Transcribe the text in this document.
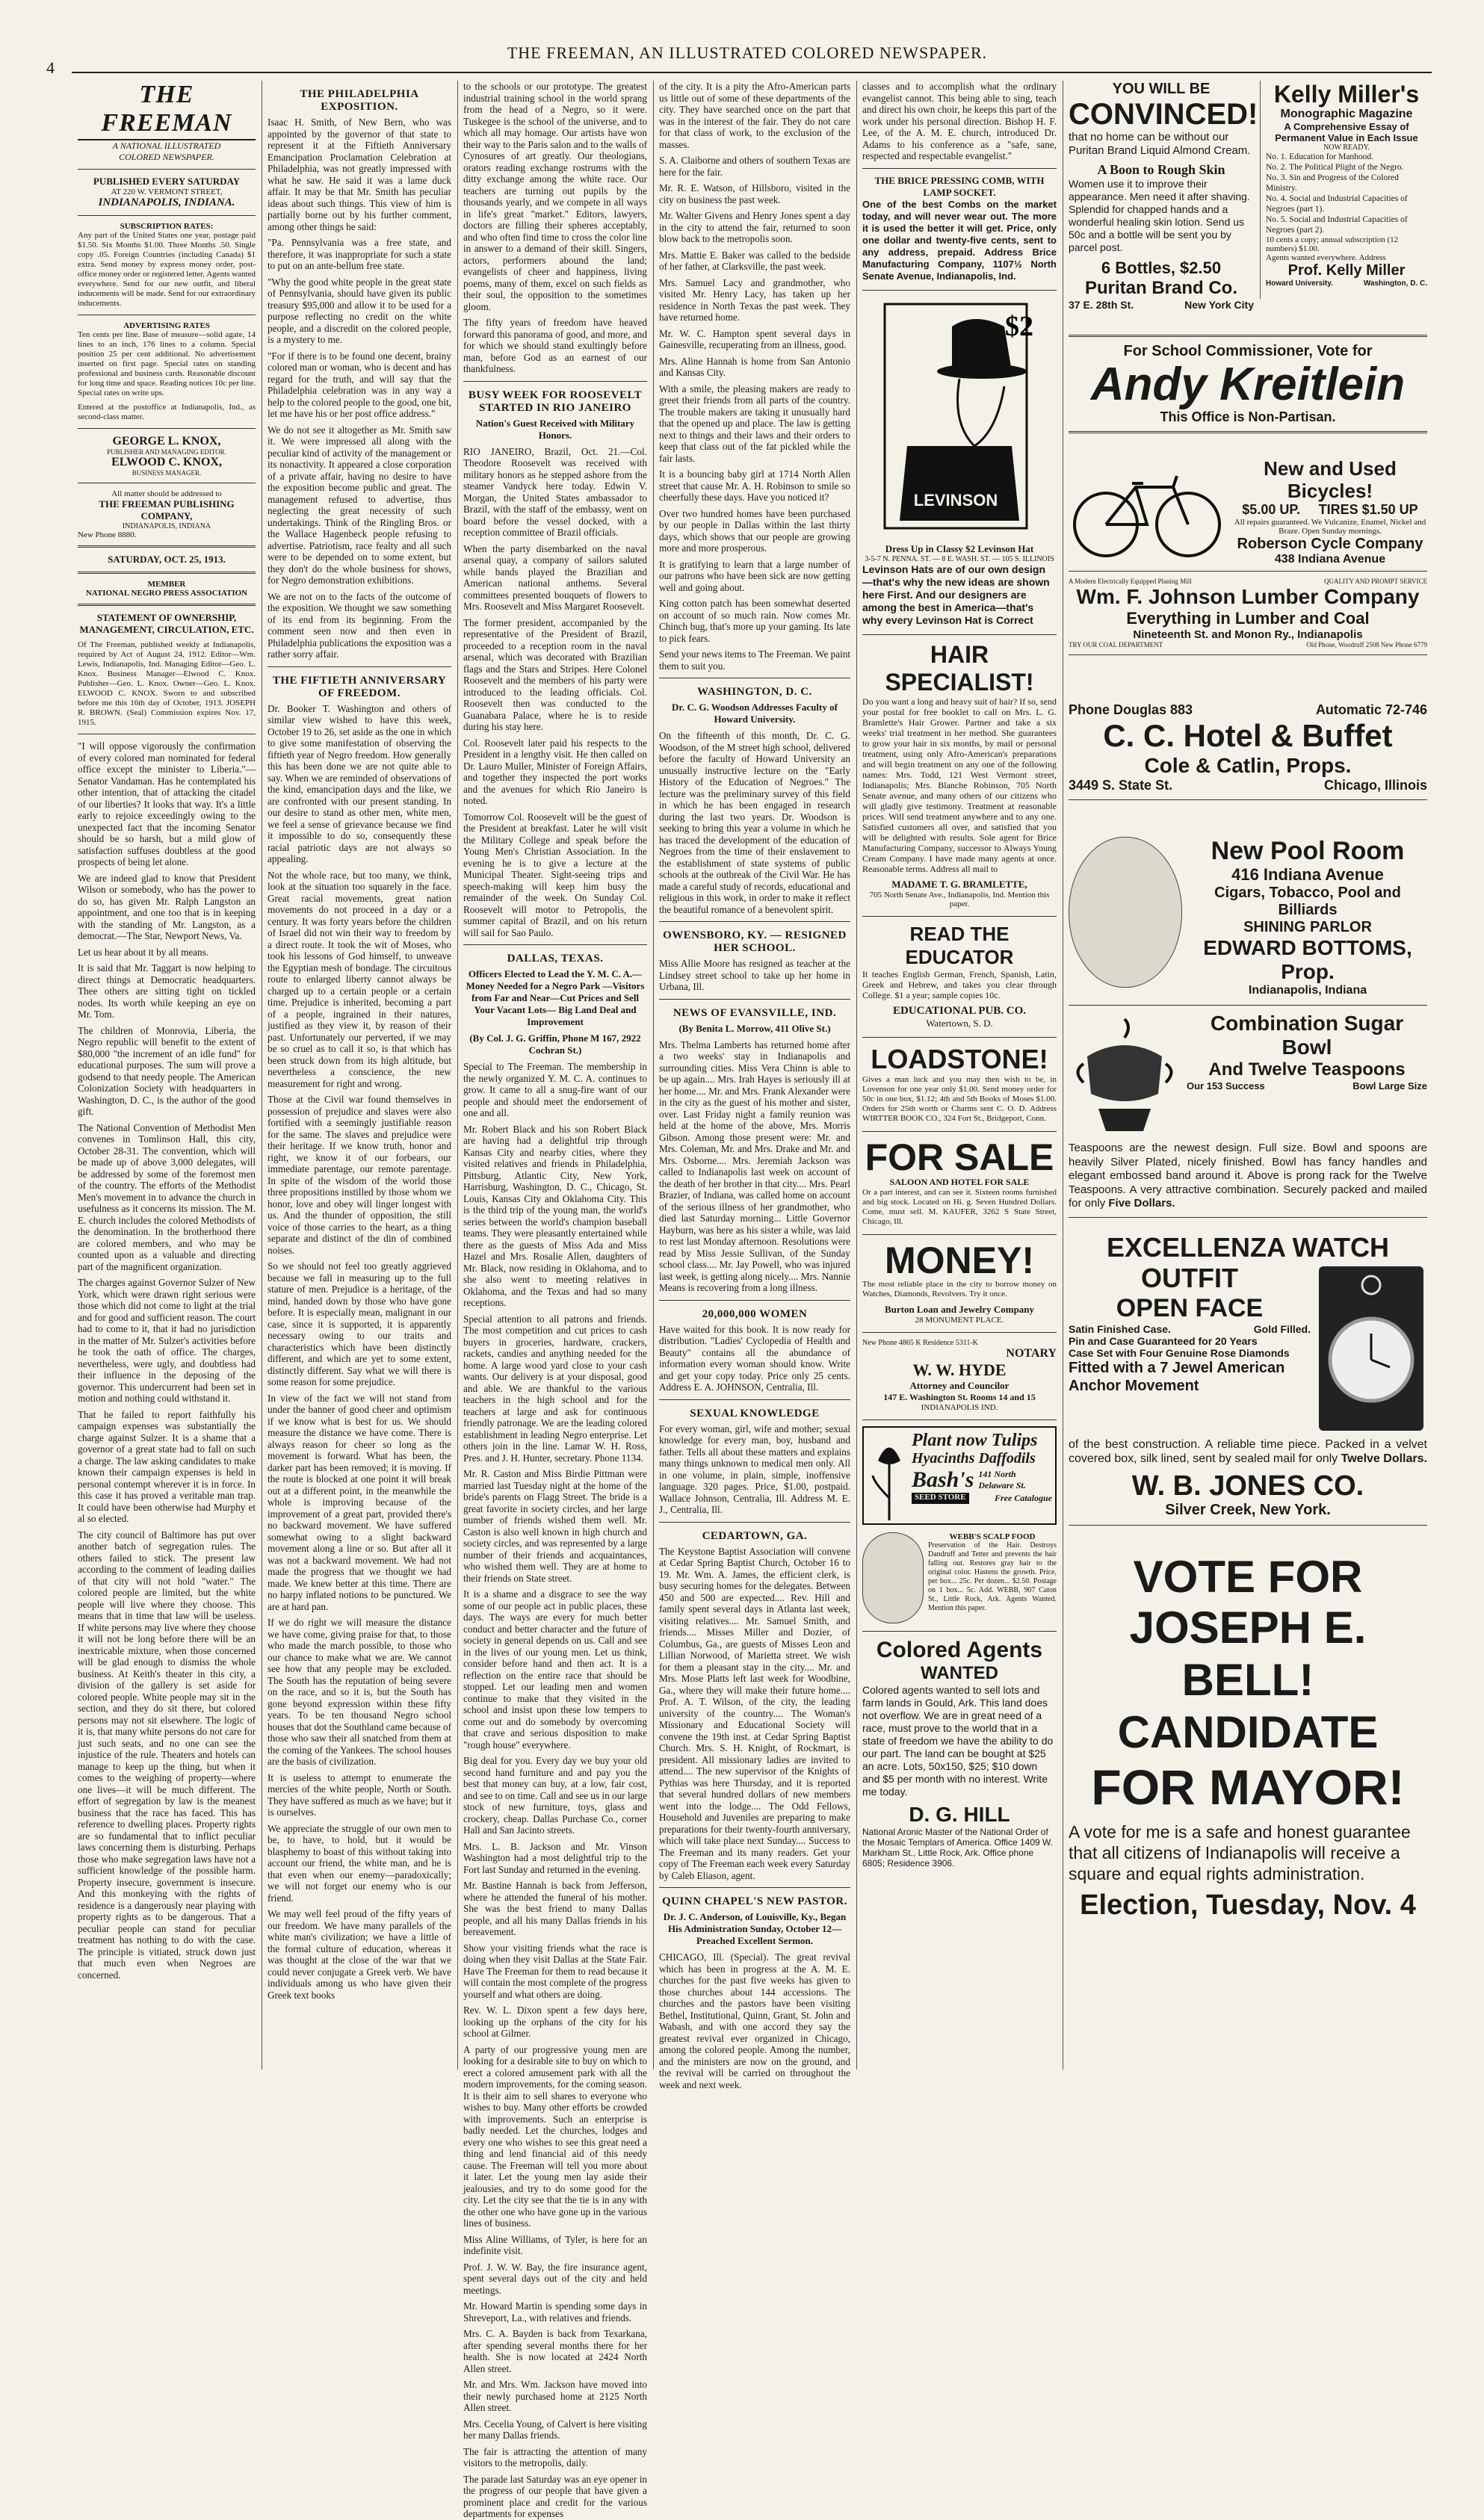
4
THE FREEMAN, AN ILLUSTRATED COLORED NEWSPAPER.
THE FREEMAN
A NATIONAL ILLUSTRATED
COLORED NEWSPAPER.
PUBLISHED EVERY SATURDAY
AT 220 W. VERMONT STREET,
INDIANAPOLIS, INDIANA.
SUBSCRIPTION RATES:

Any part of the United States one year, postage paid $1.50. Six Months $1.00. Three Months .50. Single copy .05. Foreign Countries (including Canada) $1 extra. Send money by express money order, post-office money order or registered letter. Agents wanted everywhere. Send for our new outfit, and liberal inducements will be made. Send for our extraordinary inducements.

ADVERTISING RATES

Ten cents per line. Base of measure—solid agate, 14 lines to an inch, 176 lines to a column. Special position 25 per cent additional. No advertisement inserted on first page. Special rates on standing professional and business cards. Reasonable discount for long time and space. Reading notices 10c per line. Special rates on write ups.

Entered at the postoffice at Indianapolis, Ind., as second-class matter.

GEORGE L. KNOX,
PUBLISHER AND MANAGING EDITOR.
ELWOOD C. KNOX,
BUSINESS MANAGER.
All matter should be addressed to
THE FREEMAN PUBLISHING COMPANY,
INDIANAPOLIS, INDIANA
New Phone 8880.
SATURDAY, OCT. 25, 1913.
MEMBER
NATIONAL NEGRO PRESS ASSOCIATION
STATEMENT OF OWNERSHIP, MANAGEMENT, CIRCULATION, ETC.

Of The Freeman, published weekly at Indianapolis, required by Act of August 24, 1912. Editor—Wm. Lewis, Indianapolis, Ind. Managing Editor—Geo. L. Knox. Business Manager—Elwood C. Knox. Publisher—Geo. L. Knox. Owner—Geo. L. Knox. ELWOOD C. KNOX. Sworn to and subscribed before me this 16th day of October, 1913. JOSEPH R. BROWN. (Seal) Commission expires Nov. 17, 1915.

"I will oppose vigorously the confirmation of every colored man nominated for federal office except the minister to Liberia."—Senator Vandaman. Has he contemplated his other intention, that of attacking the citadel of our liberties? It looks that way. It's a little early to rejoice exceedingly owing to the unexpected fact that the incoming Senator should be so harsh, but a mild glow of satisfaction suffuses doubtless at the good prospects of being let alone.

We are indeed glad to know that President Wilson or somebody, who has the power to do so, has given Mr. Ralph Langston an appointment, and one too that is in keeping with the standing of Mr. Langston, as a democrat.—The Star, Newport News, Va.

Let us hear about it by all means.

It is said that Mr. Taggart is now helping to direct things at Democratic headquarters. Thee others are sitting tight on tickled nodes. Its worth while keeping an eye on Mr. Tom.

The children of Monrovia, Liberia, the Negro republic will benefit to the extent of $80,000 "the increment of an idle fund" for educational purposes. The sum will prove a godsend to that needy people. The American Colonization Society with headquarters in Washington, D. C., is the author of the good gift.

The National Convention of Methodist Men convenes in Tomlinson Hall, this city, October 28-31. The convention, which will be made up of above 3,000 delegates, will be addressed by some of the foremost men of the country. The efforts of the Methodist Men's movement in to advance the church in usefulness as it concerns its mission. The M. E. church includes the colored Methodists of the denomination. In the brotherhood there are colored members, and who may be counted upon as a valuable and directing part of the magnificent organization.

The charges against Governor Sulzer of New York, which were drawn right serious were those which did not come to light at the trial and for good and sufficient reason. The court had to come to it, that it had no jurisdiction in the matter of Mr. Sulzer's activities before he took the oath of office. The charges, nevertheless, were ugly, and doubtless had their influence in the deposing of the governor. This undercurrent had been set in motion and nothing could withstand it.

That he failed to report faithfully his campaign expenses was substantially the charge against Sulzer. It is a shame that a governor of a great state had to fall on such a charge. The law asking candidates to make known their campaign expenses is held in personal contempt wherever it is in force. In this case it has proved a veritable man trap. It could have been otherwise had Murphy et al so elected.

The city council of Baltimore has put over another batch of segregation rules. The others failed to stick. The present law according to the comment of leading dailies of that city will not hold "water." The colored people are limited, but the white people will live where they choose. This means that in time that law will be useless. If white persons may live where they choose it will not be long before there will be an inextricable mixture, when those concerned will be glad enough to dismiss the whole business. At Keith's theater in this city, a division of the gallery is set aside for colored people. White people may sit in the section, and they do sit there, but colored persons may not sit elsewhere. The logic of it is, that many white persons do not care for just such seats, and no one can see the injustice of the rule. Theaters and hotels can manage to keep up the thing, but when it comes to the weighing of property—where one lives—it will be much different. The effort of segregation by law is the meanest business that the race has faced. This has reference to dwelling places. Property rights are so fundamental that to inflict peculiar laws concerning them is disturbing. Perhaps those who make segregation laws have not a sufficient knowledge of the possible harm. Property insecure, government is insecure. And this monkeying with the rights of residence is a dangerously near playing with property rights as to be dangerous. That a peculiar people can stand for peculiar treatment has nothing to do with the case. The principle is vitiated, struck down just that much even when Negroes are concerned.

THE PHILADELPHIA EXPOSITION.

Isaac H. Smith, of New Bern, who was appointed by the governor of that state to represent it at the Fiftieth Anniversary Emancipation Proclamation Celebration at Philadelphia, was not greatly impressed with what he saw. He said it was a lame duck affair. It may be that Mr. Smith has peculiar ideas about such things. This view of him is partially borne out by his further comment, among other things he said:

"Pa. Pennsylvania was a free state, and therefore, it was inappropriate for such a state to put on an ante-bellum free state.

"Why the good white people in the great state of Pennsylvania, should have given its public treasury $95,000 and allow it to be used for a purpose reflecting no credit on the white people, and a discredit on the colored people, is a mystery to me.

"For if there is to be found one decent, brainy colored man or woman, who is decent and has regard for the truth, and will say that the Philadelphia celebration was in any way a help to the colored people to the good, one bit, let me have his or her post office address."

We do not see it altogether as Mr. Smith saw it. We were impressed all along with the peculiar kind of activity of the management or its nonactivity. It appeared a close corporation of a private affair, having no desire to have the exposition become public and great. The management refused to advertise, thus neglecting the great necessity of such undertakings. Think of the Ringling Bros. or the Wallace Hagenbeck people refusing to advertise. Patriotism, race fealty and all such were to be depended on to some extent, but they don't do the whole business for shows, for Negro demonstration exhibitions.

We are not on to the facts of the outcome of the exposition. We thought we saw something of its end from its beginning. From the comment seen now and then even in Philadelphia publications the exposition was a rather sorry affair.

THE FIFTIETH ANNIVERSARY OF FREEDOM.

Dr. Booker T. Washington and others of similar view wished to have this week, October 19 to 26, set aside as the one in which to give some manifestation of observing the fiftieth year of Negro freedom. How generally this has been done we are not quite able to say. When we are reminded of observations of the kind, emancipation days and the like, we are confronted with our present standing. In our desire to stand as other men, white men, we feel a sense of grievance because we find it impossible to do so, consequently these racial patriotic days are not always so appealing.

Not the whole race, but too many, we think, look at the situation too squarely in the face. Great racial movements, great nation movements do not proceed in a day or a century. It was forty years before the children of Israel did not win their way to freedom by a direct route. It took the wit of Moses, who took his lessons of God himself, to unweave the Egyptian mesh of bondage. The circuitous route to enlarged liberty cannot always be charged up to a certain people or a certain time. Prejudice is inherited, becoming a part of a people, ingrained in their natures, justified as they view it, by reason of their past. Unfortunately our perverted, if we may be so cruel as to call it so, is that which has been struck down from its high altitude, but nevertheless a conscience, the new measurement for right and wrong.

Those at the Civil war found themselves in possession of prejudice and slaves were also fortified with a seemingly justifiable reason for the same. The slaves and prejudice were their heritage. If we know truth, honor and right, we know it of our forbears, our immediate parentage, our remote parentage. In spite of the wisdom of the world those three propositions instilled by those whom we honor, love and obey will linger longest with us. And the thunder of opposition, the still voice of those carries to the heart, as a thing separate and distinct of the din of combined noises.

So we should not feel too greatly aggrieved because we fall in measuring up to the full stature of men. Prejudice is a heritage, of the mind, handed down by those who have gone before. It is especially mean, malignant in our case, since it is supported, it is apparently necessary owing to our traits and characteristics which have been distinctly different, and which are yet to some extent, distinctly different. Say what we will there is some reason for some prejudice.

In view of the fact we will not stand from under the banner of good cheer and optimism if we know what is best for us. We should measure the distance we have come. There is always reason for cheer so long as the movement is forward. What has been, the darker part has been removed; it is moving. If the route is blocked at one point it will break out at a different point, in the meanwhile the whole is improving because of the improvement of a great part, provided there's no backward movement. We have suffered somewhat owing to a slight backward movement along a line or so. But after all it was not a backward movement. We had not made the progress that we thought we had made. We knew better at this time. There are no harpy inflated notions to be punctured. We are at hard pan.

If we do right we will measure the distance we have come, giving praise for that, to those who made the march possible, to those who our chance to make what we are. We cannot see how that any people may be excluded. The South has the reputation of being severe on the race, and so it is, but the South has gone beyond expression within these fifty years. To be ten thousand Negro school houses that dot the Southland came because of those who saw their all snatched from them at the coming of the Yankees. The school houses are the basis of civilization.

It is useless to attempt to enumerate the mercies of the white people, North or South. They have suffered as much as we have; but it is ourselves.

We appreciate the struggle of our own men to be, to have, to hold, but it would be blasphemy to boast of this without taking into account our friend, the white man, and he is that even when our enemy—paradoxically; we will not forget our enemy who is our friend.

We may well feel proud of the fifty years of our freedom. We have many parallels of the white man's civilization; we have a little of the formal culture of education, whereas it was thought at the close of the war that we could never conjugate a Greek verb. We have individuals among us who have given their Greek text books

to the schools or our prototype. The greatest industrial training school in the world sprang from the head of a Negro, so it were. Tuskegee is the school of the universe, and to which all may homage. Our artists have won their way to the Paris salon and to the walls of Cynosures of art greatly. Our theologians, orators reading exchange rostrums with the ditty exchange among the white race. Our teachers are turning out pupils by the thousands yearly, and we compete in all ways in life's great "market." Editors, lawyers, doctors are filling their spheres acceptably, and who often find time to cross the color line in answer to a demand of their skill. Singers, actors, performers abound the land; evangelists of cheer and happiness, living poems, many of them, excel on such fields as their soul, the opposition to the sometimes gloom.

The fifty years of freedom have heaved forward this panorama of good, and more, and for which we should stand exultingly before man, before God as an earnest of our thankfulness.

BUSY WEEK FOR ROOSEVELT STARTED IN RIO JANEIRO
Nation's Guest Received with Military Honors.

RIO JANEIRO, Brazil, Oct. 21.—Col. Theodore Roosevelt was received with military honors as he stepped ashore from the steamer Vandyck here today. Edwin V. Morgan, the United States ambassador to Brazil, with the staff of the embassy, went on board before the vessel docked, with a reception committee of Brazil officials.

When the party disembarked on the naval arsenal quay, a company of sailors saluted while bands played the Brazilian and American national anthems. Several committees presented bouquets of flowers to Mrs. Roosevelt and Miss Margaret Roosevelt.

The former president, accompanied by the representative of the President of Brazil, proceeded to a reception room in the naval arsenal, which was decorated with Brazilian flags and the Stars and Stripes. Here Colonel Roosevelt and the members of his party were introduced to the leading officials. Col. Roosevelt then was conducted to the Guanabara Palace, where he is to reside during his stay here.

Col. Roosevelt later paid his respects to the President in a lengthy visit. He then called on Dr. Lauro Muller, Minister of Foreign Affairs, and together they inspected the port works and the avenues for which Rio Janeiro is noted.

Tomorrow Col. Roosevelt will be the guest of the President at breakfast. Later he will visit the Military College and speak before the Young Men's Christian Association. In the evening he is to give a lecture at the Municipal Theater. Sight-seeing trips and speech-making will keep him busy the remainder of the week. On Sunday Col. Roosevelt will motor to Petropolis, the summer capital of Brazil, and on his return will sail for Sao Paulo.

DALLAS, TEXAS.
Officers Elected to Lead the Y. M. C. A.—Money Needed for a Negro Park —Visitors from Far and Near—Cut Prices and Sell Your Vacant Lots— Big Land Deal and Improvement
(By Col. J. G. Griffin, Phone M 167, 2922 Cochran St.)

Special to The Freeman. The membership in the newly organized Y. M. C. A. continues to grow. It came to all a snug-fire want of our people and should meet the endorsement of one and all.

Mr. Robert Black and his son Robert Black are having had a delightful trip through Kansas City and nearby cities, where they visited relatives and friends in Philadelphia, Pittsburg, Atlantic City, New York, Harrisburg, Washington, D. C., Chicago, St. Louis, Kansas City and Oklahoma City. This is the third trip of the young man, the world's series between the world's champion baseball teams. They were pleasantly entertained while there as the guests of Miss Ada and Miss Hazel and Mrs. Rosalie Allen, daughters of Mr. Black, now residing in Oklahoma, and to she also went to meeting relatives in Oklahoma, and the Texas and had so many receptions.

Special attention to all patrons and friends. The most competition and cut prices to cash buyers in groceries, hardware, crackers, rackets, candies and anything needed for the home. A large wood yard close to your cash wants. Our delivery is at your disposal, good and able. We are thankful to the various teachers in the high school and for the teachers at large and ask for continuous friendly patronage. We are the leading colored establishment in leading Negro enterprise. Let others join in the line. Lamar W. H. Ross, Pres. and J. H. Hunter, secretary. Phone 1134.

Mr. R. Caston and Miss Birdie Pittman were married last Tuesday night at the home of the bride's parents on Flagg Street. The bride is a great favorite in society circles, and her large number of friends wished them well. Mr. Caston is also well known in high church and society circles, and was represented by a large number of their friends and acquaintances, who wished them well. They are at home to their friends on State street.

It is a shame and a disgrace to see the way some of our people act in public places, these days. The ways are every for much better conduct and better character and the future of society in general depends on us. Call and see in the lives of our young men. Let us think, consider before hand and then act. It is a reflection on the entire race that should be stopped. Let our leading men and women continue to make that they visited in the school and insist upon these low tempers to come out and do somebody by overcoming that crave and serious disposition to make "rough house" everywhere.

Big deal for you. Every day we buy your old second hand furniture and and pay you the best that money can buy, at a low, fair cost, and see to on time. Call and see us in our large stock of new furniture, toys, glass and crockery, cheap. Dallas Purchase Co., corner Hall and San Jacinto streets.

Mrs. L. B. Jackson and Mr. Vinson Washington had a most delightful trip to the Fort last Sunday and returned in the evening.

Mr. Bastine Hannah is back from Jefferson, where he attended the funeral of his mother. She was the best friend to many Dallas people, and all his many Dallas friends in his bereavement.

Show your visiting friends what the race is doing when they visit Dallas at the State Fair. Have The Freeman for them to read because it will contain the most complete of the progress yourself and what others are doing.

Rev. W. L. Dixon spent a few days here, looking up the orphans of the city for his school at Gilmer.

A party of our progressive young men are looking for a desirable site to buy on which to erect a colored amusement park with all the modern improvements, for the coming season. It is their aim to sell shares to everyone who wishes to buy. Many other efforts be crowded with improvements. Such an enterprise is badly needed. Let the churches, lodges and every one who wishes to see this great need a thing and lend financial aid of this needy cause. The Freeman will tell you more about it later. Let the young men lay aside their jealousies, and try to do some good for the city. Let the city see that the tie is in any with the other one who have gone up in the various lines of business.

Miss Aline Williams, of Tyler, is here for an indefinite visit.

Prof. J. W. W. Bay, the fire insurance agent, spent several days out of the city and held meetings.

Mr. Howard Martin is spending some days in Shreveport, La., with relatives and friends.

Mrs. C. A. Bayden is back from Texarkana, after spending several months there for her health. She is now located at 2424 North Allen street.

Mr. and Mrs. Wm. Jackson have moved into their newly purchased home at 2125 North Allen street.

Mrs. Cecelia Young, of Calvert is here visiting her many Dallas friends.

The fair is attracting the attention of many visitors to the metropolis, daily.

The parade last Saturday was an eye opener in the progress of our people that have given a prominent place and credit for the various departments for expenses

of the city. It is a pity the Afro-American parts us little out of some of these departments of the city. They have searched once on the part that was in the interest of the fair. They do not care for that class of work, to the exclusion of the masses.

S. A. Claiborne and others of southern Texas are here for the fair.

Mr. R. E. Watson, of Hillsboro, visited in the city on business the past week.

Mr. Walter Givens and Henry Jones spent a day in the city to attend the fair, returned to soon blow back to the metropolis soon.

Mrs. Mattie E. Baker was called to the bedside of her father, at Clarksville, the past week.

Mrs. Samuel Lacy and grandmother, who visited Mr. Henry Lacy, has taken up her residence in North Texas the past week. They have returned home.

Mr. W. C. Hampton spent several days in Gainesville, recuperating from an illness, good.

Mrs. Aline Hannah is home from San Antonio and Kansas City.

With a smile, the pleasing makers are ready to greet their friends from all parts of the country. The trouble makers are taking it unusually hard that the opened up and place. The law is getting next to things and their laws and their orders to keep that class out of the fat pickled while the fair lasts.

It is a bouncing baby girl at 1714 North Allen street that cause Mr. A. H. Robinson to smile so cheerfully these days. Have you noticed it?

Over two hundred homes have been purchased by our people in Dallas within the last thirty days, which shows that our people are growing more and more prosperous.

It is gratifying to learn that a large number of our patrons who have been sick are now getting well and going about.

King cotton patch has been somewhat deserted on account of so much rain. Now comes Mr. Chinch bug, that's more up your gaming. Its late to pick fears.

Send your news items to The Freeman. We paint them to suit you.

WASHINGTON, D. C.
Dr. C. G. Woodson Addresses Faculty of Howard University.

On the fifteenth of this month, Dr. C. G. Woodson, of the M street high school, delivered before the faculty of Howard University an unusually instructive lecture on the "Early History of the Education of Negroes." The lecture was the preliminary survey of this field in which he has been engaged in research during the last two years. Dr. Woodson is seeking to bring this year a volume in which he has traced the development of the education of Negroes from the time of their enslavement to the establishment of state systems of public schools at the outbreak of the Civil War. He has made a careful study of records, educational and religious in this work, in order to make it reflect the beautiful romance of a benevolent spirit.

OWENSBORO, KY. — RESIGNED HER SCHOOL.

Miss Allie Moore has resigned as teacher at the Lindsey street school to take up her home in Urbana, Ill.

NEWS OF EVANSVILLE, IND.
(By Benita L. Morrow, 411 Olive St.)

Mrs. Thelma Lamberts has returned home after a two weeks' stay in Indianapolis and surrounding cities. Miss Vera Chinn is able to be up again.... Mrs. Irah Hayes is seriously ill at her home.... Mr. and Mrs. Frank Alexander were in the city as the guest of his mother and sister, over. Last Friday night a family reunion was held at the home of the above, Mrs. Morris Gibson. Among those present were: Mr. and Mrs. Coleman, Mr. and Mrs. Drake and Mr. and Mrs. Osborne.... Mrs. Jeremiah Jackson was called to Indianapolis last week on account of the death of her brother in that city.... Mrs. Pearl Brazier, of Indiana, was called home on account of the serious illness of her grandmother, who died last Saturday morning... Little Governor Hayburn, was here as his sister a while, was laid to rest last Monday afternoon. Resolutions were read by Miss Jessie Sullivan, of the Sunday school class.... Mr. Jay Powell, who was injured last week, is getting along nicely.... Mrs. Nannie Means is recovering from a long illness.

20,000,000 WOMEN

Have waited for this book. It is now ready for distribution. "Ladies' Cyclopedia of Health and Beauty" contains all the abundance of information every woman should know. Write and get your copy today. Price only 25 cents. Address E. A. JOHNSON, Centralia, Ill.

SEXUAL KNOWLEDGE

For every woman, girl, wife and mother; sexual knowledge for every man, boy, husband and father. Tells all about these matters and explains many things unknown to medical men only. All in one volume, in plain, simple, inoffensive language. 320 pages. Price, $1.00, postpaid. Wallace Johnson, Centralia, Ill. Address M. E. J., Centralia, Ill.

CEDARTOWN, GA.

The Keystone Baptist Association will convene at Cedar Spring Baptist Church, October 16 to 19. Mr. Wm. A. James, the efficient clerk, is busy securing homes for the delegates. Between 450 and 500 are expected.... Rev. Hill and family spent several days in Atlanta last week, visiting relatives.... Mr. Samuel Smith, and friends.... Misses Miller and Dozier, of Columbus, Ga., are guests of Misses Leon and Lillian Norwood, of Marietta street. We wish for them a pleasant stay in the city.... Mr. and Mrs. Mose Platts left last week for Woodbine, Ga., where they will make their future home.... Prof. A. T. Wilson, of the city, the leading university of the country.... The Woman's Missionary and Educational Society will convene the 19th inst. at Cedar Spring Baptist Church. Mrs. S. H. Knight, of Rockmart, is president. All missionary ladies are invited to attend.... The new supervisor of the Knights of Pythias was here Thursday, and it is reported that several hundred dollars of new members went into the lodge.... The Odd Fellows, Household and Juveniles are preparing to make preparations for their twenty-fourth anniversary, which will take place next Sunday.... Success to The Freeman and its many readers. Get your copy of The Freeman each week every Saturday by Caleb Eliason, agent.

QUINN CHAPEL'S NEW PASTOR.
Dr. J. C. Anderson, of Louisville, Ky., Began His Administration Sunday, October 12—Preached Excellent Sermon.

CHICAGO, Ill. (Special). The great revival which has been in progress at the A. M. E. churches for the past five weeks has given to those churches about 144 accessions. The churches and the pastors have been visiting Bethel, Institutional, Quinn, Grant, St. John and Wabash, and with one accord they say the greatest revival ever organized in Chicago, among the colored people. Among the number, and the ministers are now on the ground, and the revival will be carried on throughout the week and next week.

classes and to accomplish what the ordinary evangelist cannot. This being able to sing, teach and direct his own choir, he keeps this part of the work under his personal direction. Bishop H. F. Lee, of the A. M. E. church, introduced Dr. Adams to his conference as a "safe, sane, respected and respectable evangelist."

THE BRICE PRESSING COMB, WITH LAMP SOCKET.

One of the best Combs on the market today, and will never wear out. The more it is used the better it will get. Price, only one dollar and twenty-five cents, sent to any address, prepaid. Address Brice Manufacturing Company, 1107½ North Senate Avenue, Indianapolis, Ind.

LEVINSON
$2
Dress Up in Classy $2 Levinson Hat
3-5-7 N. PENNA. ST. — 8 E. WASH. ST. — 105 S. ILLINOIS

Levinson Hats are of our own design —that's why the new ideas are shown here First. And our designers are among the best in America—that's why every Levinson Hat is Correct

HAIR SPECIALIST!

Do you want a long and heavy suit of hair? If so, send your postal for free booklet to call on Mrs. L. G. Bramlette's Hair Grower. Partner and take a six weeks' trial treatment in her method. She guarantees to grow your hair in six months, by mail or personal treatment, using only Afro-American's preparations and will begin treatment on any one of the following names: Mrs. Todd, 121 West Vermont street, Indianapolis; Mrs. Blanche Robinson, 705 North Senate avenue, and many others of our citizens who will gladly give testimony. Treatment at reasonable prices. Will send treatment anywhere and to any one. Satisfied customers all over, and satisfied that you will be delighted with results. Sole agent for Brice Manufacturing Company, successor to Always Young Cream Company. I have made many agents at once. Reasonable terms. Address all mail to

MADAME T. G. BRAMLETTE,
705 North Senate Ave., Indianapolis, Ind. Mention this paper.
READ THE EDUCATOR

It teaches English German, French, Spanish, Latin, Greek and Hebrew, and takes you clear through College. $1 a year; sample copies 10c.

EDUCATIONAL PUB. CO.
Watertown, S. D.
LOADSTONE!

Gives a man luck and you may then wish to be, in Lovenson for one year only $1.00. Send money order for 50c in one box, $1.12; 4th and 5th Books of Moses $1.00. Orders for 25th worth or Charms sent C. O. D. Address WIRTTER BOOK CO., 324 Fort St., Bridgeport, Conn.

FOR SALE
SALOON AND HOTEL FOR SALE

Or a part interest, and can see it. Sixteen rooms furnished and big stock. Located on Hi. g. Seven Hundred Dollars. Come, must sell. M. KAUFER, 3262 S State Street, Chicago, Ill.

MONEY!

The most reliable place in the city to borrow money on Watches, Diamonds, Revolvers. Try it once.

Burton Loan and Jewelry Company
28 MONUMENT PLACE.
New Phone 4865 K Residence 5311-K
NOTARY
W. W. HYDE
Attorney and Councilor
147 E. Washington St. Rooms 14 and 15
INDIANAPOLIS IND.
Plant now Tulips
Hyacinths Daffodils
Bash's 141 North Delaware St.
SEED STORE	Free Catalogue
WEBB'S SCALP FOOD

Preservation of the Hair. Destroys Dandruff and Tetter and prevents the hair falling out. Restores gray hair to the original color. Hastens the growth. Price, per box... 25c. Per dozen... $2.50. Postage on 1 box... 5c. Add. WEBB, 907 Caton St., Little Rock, Ark. Agents Wanted. Mention this paper.

Colored Agents
WANTED

Colored agents wanted to sell lots and farm lands in Gould, Ark. This land does not overflow. We are in great need of a race, must prove to the world that in a state of freedom we have the ability to do our part. The land can be bought at $25 an acre. Lots, 50x150, $25; $10 down and $5 per month with no interest. Write me today.

D. G. HILL

National Aronic Master of the National Order of the Mosaic Templars of America. Office 1409 W. Markham St., Little Rock, Ark. Office phone 6805; Residence 3906.

YOU WILL BE
CONVINCED!

that no home can be without our Puritan Brand Liquid Almond Cream.

A Boon to Rough Skin

Women use it to improve their appearance. Men need it after shaving. Splendid for chapped hands and a wonderful healing skin lotion. Send us 50c and a bottle will be sent you by parcel post.

6 Bottles, $2.50
Puritan Brand Co.
37 E. 28th St.	New York City
Kelly Miller's
Monographic Magazine
A Comprehensive Essay of Permanent Value in Each Issue
NOW READY.
No. 1. Education for Manhood.
No. 2. The Political Plight of the Negro.
No. 3. Sin and Progress of the Colored Ministry.
No. 4. Social and Industrial Capacities of Negroes (part 1).
No. 5. Social and Industrial Capacities of Negroes (part 2).
10 cents a copy; annual subscription (12 numbers) $1.00.
Agents wanted everywhere. Address
Prof. Kelly Miller
Howard University.	Washington, D. C.
For School Commissioner, Vote for
Andy Kreitlein
This Office is Non-Partisan.
New and Used Bicycles!
$5.00 UP. TIRES $1.50 UP
All repairs guaranteed. We Vulcanize, Enamel, Nickel and Braze. Open Sunday mornings.
Roberson Cycle Company
438 Indiana Avenue
A Modern Electrically Equipped Planing Mill	QUALITY AND PROMPT SERVICE
Wm. F. Johnson Lumber Company
Everything in Lumber and Coal
Nineteenth St. and Monon Ry., Indianapolis
TRY OUR COAL DEPARTMENT	Old Phone, Woodruff 2508 New Phone 6779
Phone Douglas 883	Automatic 72-746
C. C. Hotel & Buffet
Cole & Catlin, Props.
3449 S. State St.	Chicago, Illinois
New Pool Room
416 Indiana Avenue
Cigars, Tobacco, Pool and Billiards
SHINING PARLOR
EDWARD BOTTOMS, Prop.
Indianapolis, Indiana
Combination Sugar Bowl
And Twelve Teaspoons
Our 153 Success	Bowl Large Size

Teaspoons are the newest design. Full size. Bowl and spoons are heavily Silver Plated, nicely finished. Bowl has fancy handles and elegant embossed band around it. Above is prong rack for the Twelve Teaspoons. A very attractive combination. Securely packed and mailed for only Five Dollars.

EXCELLENZA WATCH
OUTFIT
OPEN FACE
Satin Finished Case.	Gold Filled.
Pin and Case Guaranteed for 20 Years
Case Set with Four Genuine Rose Diamonds
Fitted with a 7 Jewel American Anchor Movement

of the best construction. A reliable time piece. Packed in a velvet covered box, silk lined, sent by sealed mail for only Twelve Dollars.

W. B. JONES CO.
Silver Creek, New York.
VOTE FOR
JOSEPH E. BELL!
CANDIDATE
FOR MAYOR!

A vote for me is a safe and honest guarantee that all citizens of Indianapolis will receive a square and equal rights administration.

Election, Tuesday, Nov. 4
